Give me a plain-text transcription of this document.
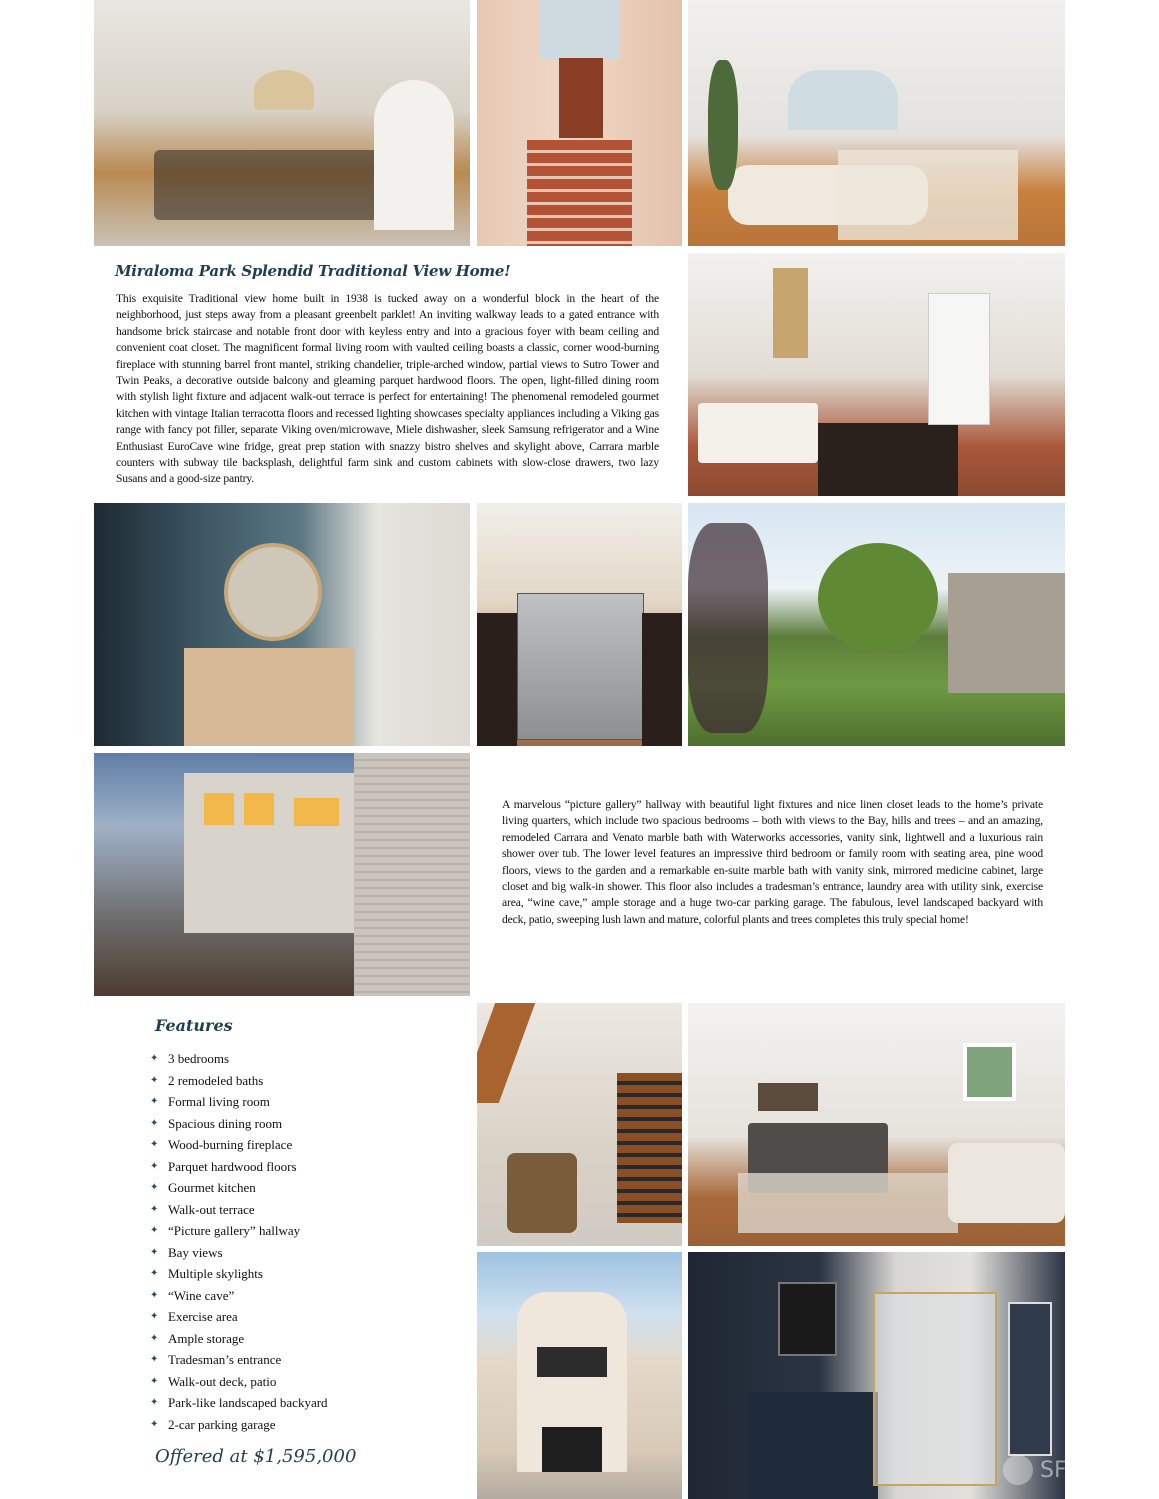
Miraloma Park Splendid Traditional View Home!
This exquisite Traditional view home built in 1938 is tucked away on a wonderful block in the heart of the neighborhood, just steps away from a pleasant greenbelt parklet! An inviting walkway leads to a gated entrance with handsome brick staircase and notable front door with keyless entry and into a gracious foyer with beam ceiling and convenient coat closet. The magnificent formal living room with vaulted ceiling boasts a classic, corner wood-burning fireplace with stunning barrel front mantel, striking chandelier, triple-arched window, partial views to Sutro Tower and Twin Peaks, a decorative outside balcony and gleaming parquet hardwood floors. The open, light-filled dining room with stylish light fixture and adjacent walk-out terrace is perfect for entertaining! The phenomenal remodeled gourmet kitchen with vintage Italian terracotta floors and recessed lighting showcases specialty appliances including a Viking gas range with fancy pot filler, separate Viking oven/microwave, Miele dishwasher, sleek Samsung refrigerator and a Wine Enthusiast EuroCave wine fridge, great prep station with snazzy bistro shelves and skylight above, Carrara marble counters with subway tile backsplash, delightful farm sink and custom cabinets with slow-close drawers, two lazy Susans and a good-size pantry.
A marvelous “picture gallery” hallway with beautiful light fixtures and nice linen closet leads to the home’s private living quarters, which include two spacious bedrooms – both with views to the Bay, hills and trees – and an amazing, remodeled Carrara and Venato marble bath with Waterworks accessories, vanity sink, lightwell and a luxurious rain shower over tub. The lower level features an impressive third bedroom or family room with seating area, pine wood floors, views to the garden and a remarkable en-suite marble bath with vanity sink, mirrored medicine cabinet, large closet and big walk-in shower. This floor also includes a tradesman’s entrance, laundry area with utility sink, exercise area, “wine cave,” ample storage and a huge two-car parking garage. The fabulous, level landscaped backyard with deck, patio, sweeping lush lawn and mature, colorful plants and trees completes this truly special home!
Features
✦ 3 bedrooms
✦ 2 remodeled baths
✦ Formal living room
✦ Spacious dining room
✦ Wood-burning fireplace
✦ Parquet hardwood floors
✦ Gourmet kitchen
✦ Walk-out terrace
✦ “Picture gallery” hallway
✦ Bay views
✦ Multiple skylights
✦ “Wine cave”
✦ Exercise area
✦ Ample storage
✦ Tradesman’s entrance
✦ Walk-out deck, patio
✦ Park-like landscaped backyard
✦ 2-car parking garage
Offered at $1,595,000
SF
